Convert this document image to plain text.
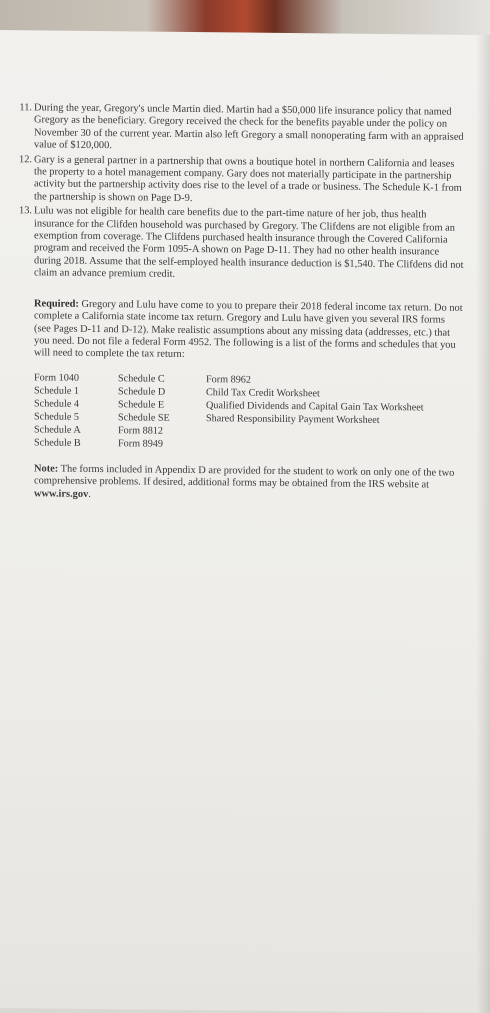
11. During the year, Gregory's uncle Martin died. Martin had a $50,000 life insurance policy that named Gregory as the beneficiary. Gregory received the check for the benefits payable under the policy on November 30 of the current year. Martin also left Gregory a small nonoperating farm with an appraised value of $120,000.

12. Gary is a general partner in a partnership that owns a boutique hotel in northern California and leases the property to a hotel management company. Gary does not materially participate in the partnership activity but the partnership activity does rise to the level of a trade or business. The Schedule K-1 from the partnership is shown on Page D-9.

13. Lulu was not eligible for health care benefits due to the part-time nature of her job, thus health insurance for the Clifden household was purchased by Gregory. The Clifdens are not eligible from an exemption from coverage. The Clifdens purchased health insurance through the Covered California program and received the Form 1095-A shown on Page D-11. They had no other health insurance during 2018. Assume that the self-employed health insurance deduction is $1,540. The Clifdens did not claim an advance premium credit.

Required: Gregory and Lulu have come to you to prepare their 2018 federal income tax return. Do not complete a California state income tax return. Gregory and Lulu have given you several IRS forms (see Pages D-11 and D-12). Make realistic assumptions about any missing data (addresses, etc.) that you need. Do not file a federal Form 4952. The following is a list of the forms and schedules that you will need to complete the tax return:
Form 1040	Schedule C	Form 8962
Schedule 1	Schedule D	Child Tax Credit Worksheet
Schedule 4	Schedule E	Qualified Dividends and Capital Gain Tax Worksheet
Schedule 5	Schedule SE	Shared Responsibility Payment Worksheet
Schedule A	Form 8812
Schedule B	Form 8949
Note: The forms included in Appendix D are provided for the student to work on only one of the two comprehensive problems. If desired, additional forms may be obtained from the IRS website at www.irs.gov.
